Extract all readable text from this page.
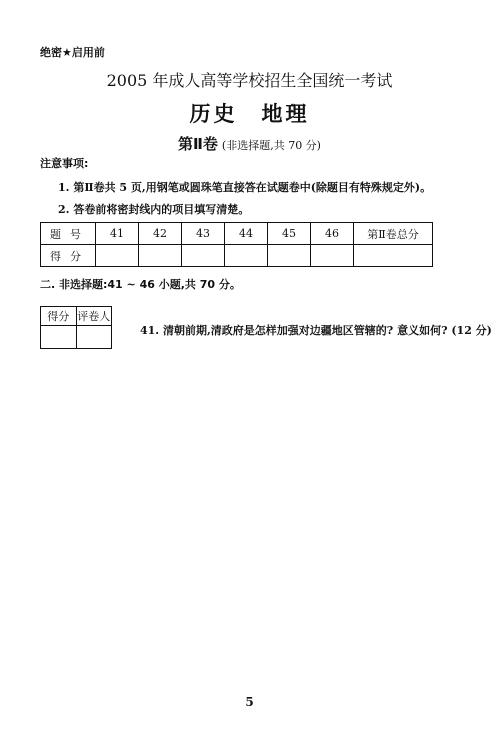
绝密★启用前
2005 年成人高等学校招生全国统一考试
历史　地理
第Ⅱ卷 (非选择题,共 70 分)
注意事项:
1. 第Ⅱ卷共 5 页,用钢笔或圆珠笔直接答在试题卷中(除题目有特殊规定外)。
2. 答卷前将密封线内的项目填写清楚。
题号	41	42	43	44	45	46	第Ⅱ卷总分
得分							
二. 非选择题:41 ~ 46 小题,共 70 分。
得分	评卷人

41. 清朝前期,清政府是怎样加强对边疆地区管辖的? 意义如何? (12 分)
5
